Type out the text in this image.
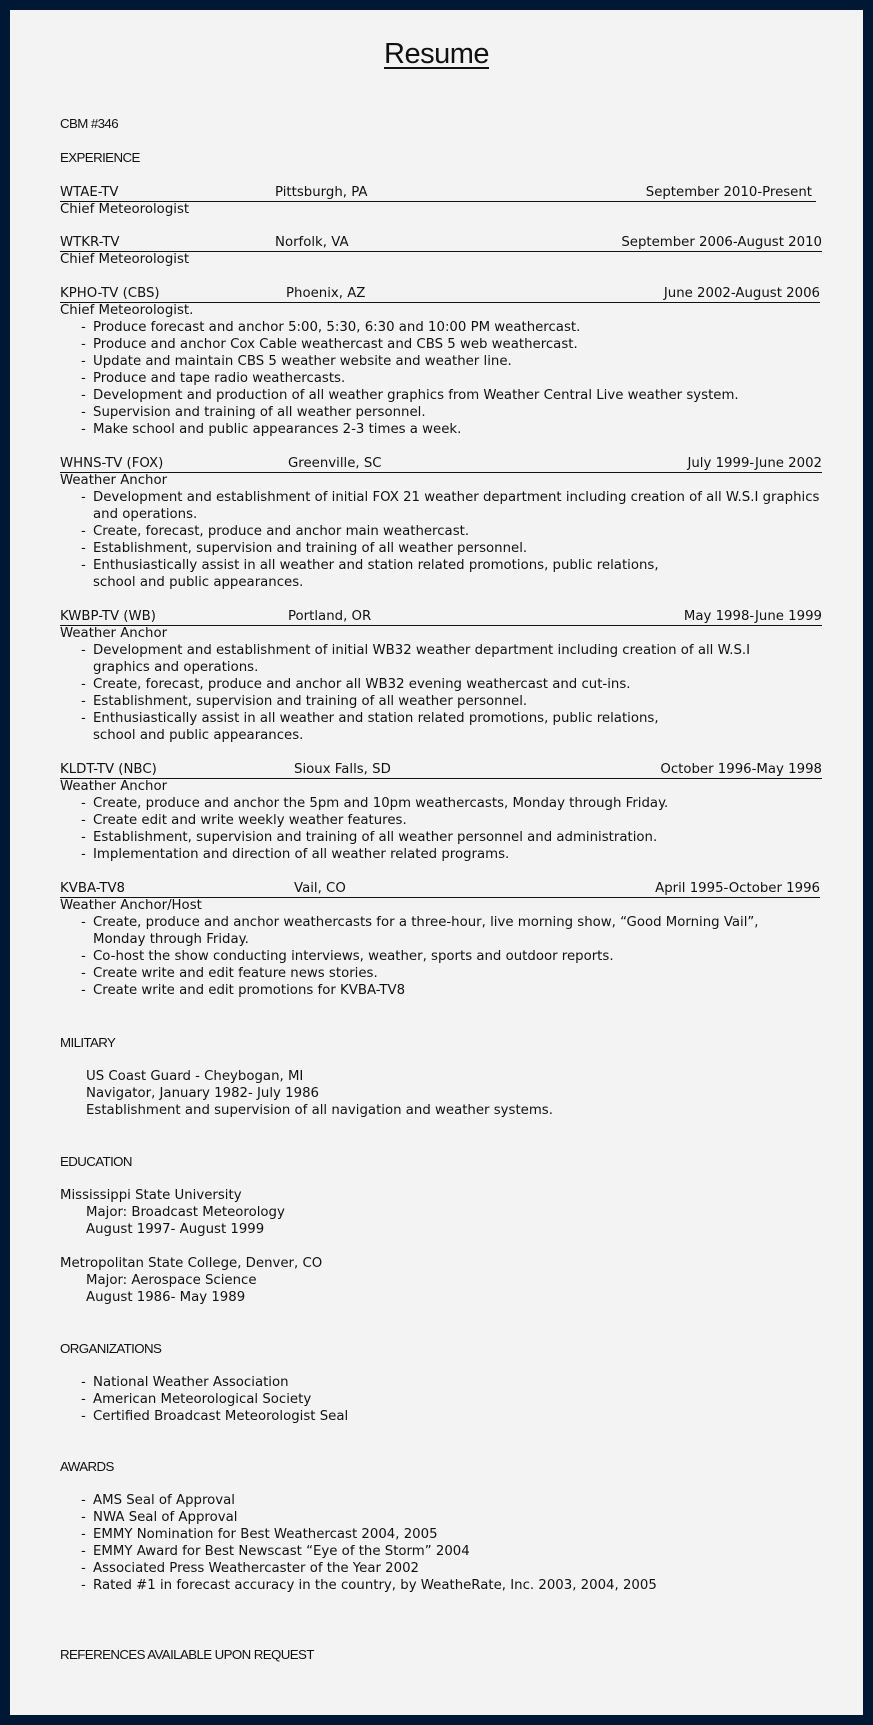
Resume
CBM #346
EXPERIENCE
WTAE-TV	Pittsburgh, PA	September 2010-Present
Chief Meteorologist
WTKR-TV	Norfolk, VA	September 2006-August 2010
Chief Meteorologist
KPHO-TV (CBS)	Phoenix, AZ	June 2002-August 2006
Chief Meteorologist.
- Produce forecast and anchor 5:00, 5:30, 6:30 and 10:00 PM weathercast.
- Produce and anchor Cox Cable weathercast and CBS 5 web weathercast.
- Update and maintain CBS 5 weather website and weather line.
- Produce and tape radio weathercasts.
- Development and production of all weather graphics from Weather Central Live weather system.
- Supervision and training of all weather personnel.
- Make school and public appearances 2-3 times a week.
WHNS-TV (FOX)	Greenville, SC	July 1999-June 2002
Weather Anchor
- Development and establishment of initial FOX 21 weather department including creation of all W.S.I graphics and operations.
- Create, forecast, produce and anchor main weathercast.
- Establishment, supervision and training of all weather personnel.
- Enthusiastically assist in all weather and station related promotions, public relations, school and public appearances.
KWBP-TV (WB)	Portland, OR	May 1998-June 1999
Weather Anchor
- Development and establishment of initial WB32 weather department including creation of all W.S.I graphics and operations.
- Create, forecast, produce and anchor all WB32 evening weathercast and cut-ins.
- Establishment, supervision and training of all weather personnel.
- Enthusiastically assist in all weather and station related promotions, public relations, school and public appearances.
KLDT-TV (NBC)	Sioux Falls, SD	October 1996-May 1998
Weather Anchor
- Create, produce and anchor the 5pm and 10pm weathercasts, Monday through Friday.
- Create edit and write weekly weather features.
- Establishment, supervision and training of all weather personnel and administration.
- Implementation and direction of all weather related programs.
KVBA-TV8	Vail, CO	April 1995-October 1996
Weather Anchor/Host
- Create, produce and anchor weathercasts for a three-hour, live morning show, “Good Morning Vail”, Monday through Friday.
- Co-host the show conducting interviews, weather, sports and outdoor reports.
- Create write and edit feature news stories.
- Create write and edit promotions for KVBA-TV8
MILITARY
US Coast Guard - Cheybogan, MI
Navigator, January 1982- July 1986
Establishment and supervision of all navigation and weather systems.
EDUCATION
Mississippi State University
Major: Broadcast Meteorology
August 1997- August 1999
Metropolitan State College, Denver, CO
Major: Aerospace Science
August 1986- May 1989
ORGANIZATIONS
- National Weather Association
- American Meteorological Society
- Certified Broadcast Meteorologist Seal
AWARDS
- AMS Seal of Approval
- NWA Seal of Approval
- EMMY Nomination for Best Weathercast 2004, 2005
- EMMY Award for Best Newscast “Eye of the Storm” 2004
- Associated Press Weathercaster of the Year 2002
- Rated #1 in forecast accuracy in the country, by WeatheRate, Inc. 2003, 2004, 2005
REFERENCES AVAILABLE UPON REQUEST
